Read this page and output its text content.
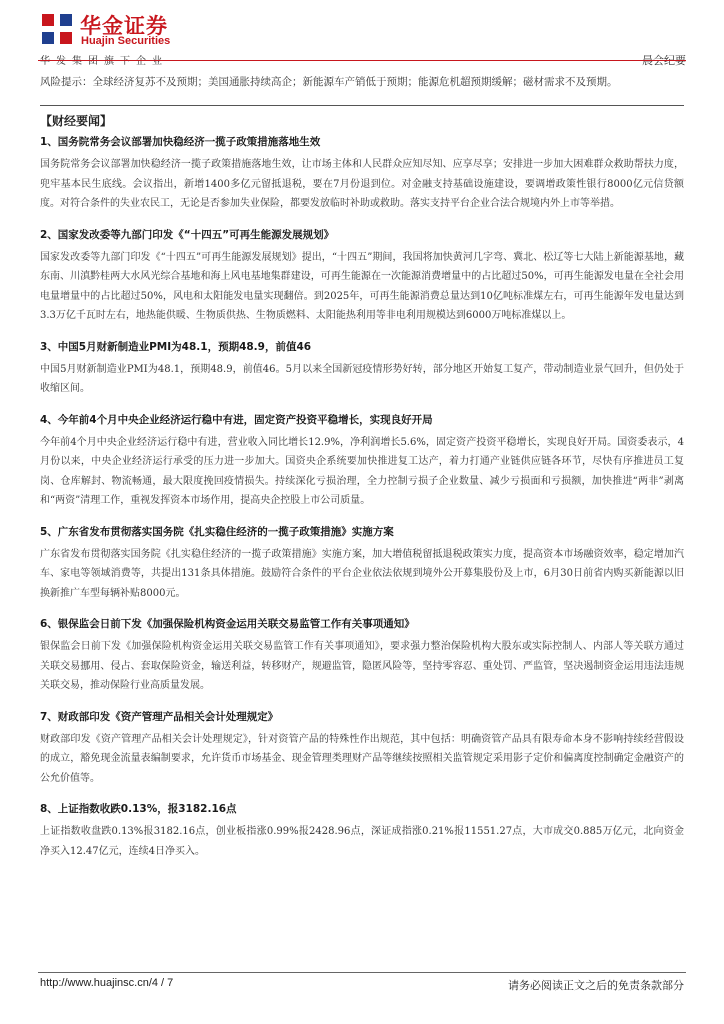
华金证券
Huajin Securities
华发集团旗下企业	晨会纪要

风险提示：全球经济复苏不及预期；美国通胀持续高企；新能源车产销低于预期；能源危机超预期缓解；磁材需求不及预期。

【财经要闻】
1、国务院常务会议部署加快稳经济一揽子政策措施落地生效

国务院常务会议部署加快稳经济一揽子政策措施落地生效，让市场主体和人民群众应知尽知、应享尽享；安排进一步加大困难群众救助帮扶力度，兜牢基本民生底线。会议指出，新增1400多亿元留抵退税，要在7月份退到位。对金融支持基础设施建设，要调增政策性银行8000亿元信贷额度。对符合条件的失业农民工，无论是否参加失业保险，都要发放临时补助或救助。落实支持平台企业合法合规境内外上市等举措。

2、国家发改委等九部门印发《“十四五”可再生能源发展规划》

国家发改委等九部门印发《“十四五”可再生能源发展规划》提出，“十四五”期间，我国将加快黄河几字弯、冀北、松辽等七大陆上新能源基地，藏东南、川滇黔桂两大水风光综合基地和海上风电基地集群建设，可再生能源在一次能源消费增量中的占比超过50%，可再生能源发电量在全社会用电量增量中的占比超过50%，风电和太阳能发电量实现翻倍。到2025年，可再生能源消费总量达到10亿吨标准煤左右，可再生能源年发电量达到3.3万亿千瓦时左右，地热能供暖、生物质供热、生物质燃料、太阳能热利用等非电利用规模达到6000万吨标准煤以上。

3、中国5月财新制造业PMI为48.1，预期48.9，前值46

中国5月财新制造业PMI为48.1，预期48.9，前值46。5月以来全国新冠疫情形势好转，部分地区开始复工复产，带动制造业景气回升，但仍处于收缩区间。

4、今年前4个月中央企业经济运行稳中有进，固定资产投资平稳增长，实现良好开局

今年前4个月中央企业经济运行稳中有进，营业收入同比增长12.9%，净利润增长5.6%，固定资产投资平稳增长，实现良好开局。国资委表示，4月份以来，中央企业经济运行承受的压力进一步加大。国资央企系统要加快推进复工达产，着力打通产业链供应链各环节，尽快有序推进员工复岗、仓库解封、物流畅通，最大限度挽回疫情损失。持续深化亏损治理，全力控制亏损子企业数量、减少亏损面和亏损额，加快推进“两非”剥离和“两资”清理工作，重视发挥资本市场作用，提高央企控股上市公司质量。

5、广东省发布贯彻落实国务院《扎实稳住经济的一揽子政策措施》实施方案

广东省发布贯彻落实国务院《扎实稳住经济的一揽子政策措施》实施方案，加大增值税留抵退税政策实力度，提高资本市场融资效率，稳定增加汽车、家电等领域消费等，共提出131条具体措施。鼓励符合条件的平台企业依法依规到境外公开募集股份及上市，6月30日前省内购买新能源以旧换新推广车型每辆补贴8000元。

6、银保监会日前下发《加强保险机构资金运用关联交易监管工作有关事项通知》

银保监会日前下发《加强保险机构资金运用关联交易监管工作有关事项通知》，要求强力整治保险机构大股东或实际控制人、内部人等关联方通过关联交易挪用、侵占、套取保险资金，输送利益，转移财产，规避监管，隐匿风险等，坚持零容忍、重处罚、严监管，坚决遏制资金运用违法违规关联交易，推动保险行业高质量发展。

7、财政部印发《资产管理产品相关会计处理规定》

财政部印发《资产管理产品相关会计处理规定》，针对资管产品的特殊性作出规范，其中包括：明确资管产品具有限寿命本身不影响持续经营假设的成立，豁免现金流量表编制要求，允许货币市场基金、现金管理类理财产品等继续按照相关监管规定采用影子定价和偏离度控制确定金融资产的公允价值等。

8、上证指数收跌0.13%，报3182.16点

上证指数收盘跌0.13%报3182.16点，创业板指涨0.99%报2428.96点，深证成指涨0.21%报11551.27点，大市成交0.885万亿元，北向资金净买入12.47亿元，连续4日净买入。

http://www.huajinsc.cn/4 / 7	请务必阅读正文之后的免责条款部分
